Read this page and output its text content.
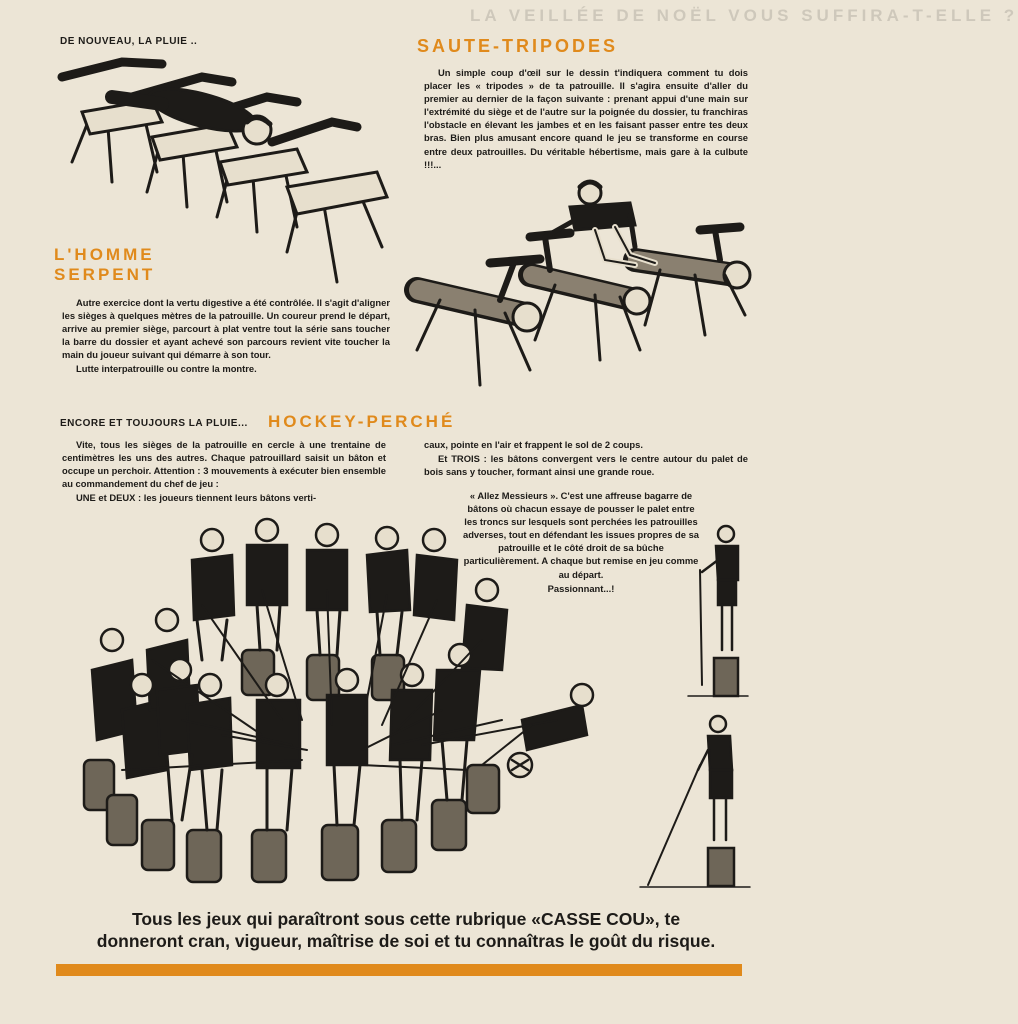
LA VEILLÉE DE NOËL VOUS SUFFIRA-T-ELLE ?
DE NOUVEAU, LA PLUIE ..	SAUTE-TRIPODES

Un simple coup d'œil sur le dessin t'indiquera comment tu dois placer les « tripodes » de ta patrouille. Il s'agira ensuite d'aller du premier au dernier de la façon suivante : prenant appui d'une main sur l'extrémité du siège et de l'autre sur la poignée du dossier, tu franchiras l'obstacle en élevant les jambes et en les faisant passer entre tes deux bras. Bien plus amusant encore quand le jeu se transforme en course entre deux patrouilles. Du véritable hébertisme, mais gare à la culbute !!!...

L'HOMME
SERPENT

Autre exercice dont la vertu digestive a été contrôlée. Il s'agit d'aligner les sièges à quelques mètres de la patrouille. Un coureur prend le départ, arrive au premier siège, parcourt à plat ventre tout la série sans toucher la barre du dossier et ayant achevé son parcours revient vite toucher la main du joueur suivant qui démarre à son tour.

Lutte interpatrouille ou contre la montre.

ENCORE ET TOUJOURS LA PLUIE... HOCKEY-PERCHÉ

Vite, tous les sièges de la patrouille en cercle à une trentaine de centimètres les uns des autres. Chaque patrouillard saisit un bâton et occupe un perchoir. Attention : 3 mouvements à exécuter bien ensemble au commandement du chef de jeu :

UNE et DEUX : les joueurs tiennent leurs bâtons verti-

caux, pointe en l'air et frappent le sol de 2 coups.

Et TROIS : les bâtons convergent vers le centre autour du palet de bois sans y toucher, formant ainsi une grande roue.

« Allez Messieurs ». C'est une affreuse bagarre de bâtons où chacun essaye de pousser le palet entre les troncs sur lesquels sont perchées les patrouilles adverses, tout en défendant les issues propres de sa patrouille et le côté droit de sa bûche particulièrement. A chaque but remise en jeu comme au départ.

Passionnant...!

Tous les jeux qui paraîtront sous cette rubrique «CASSE COU», te
donneront cran, vigueur, maîtrise de soi et tu connaîtras le goût du risque.
